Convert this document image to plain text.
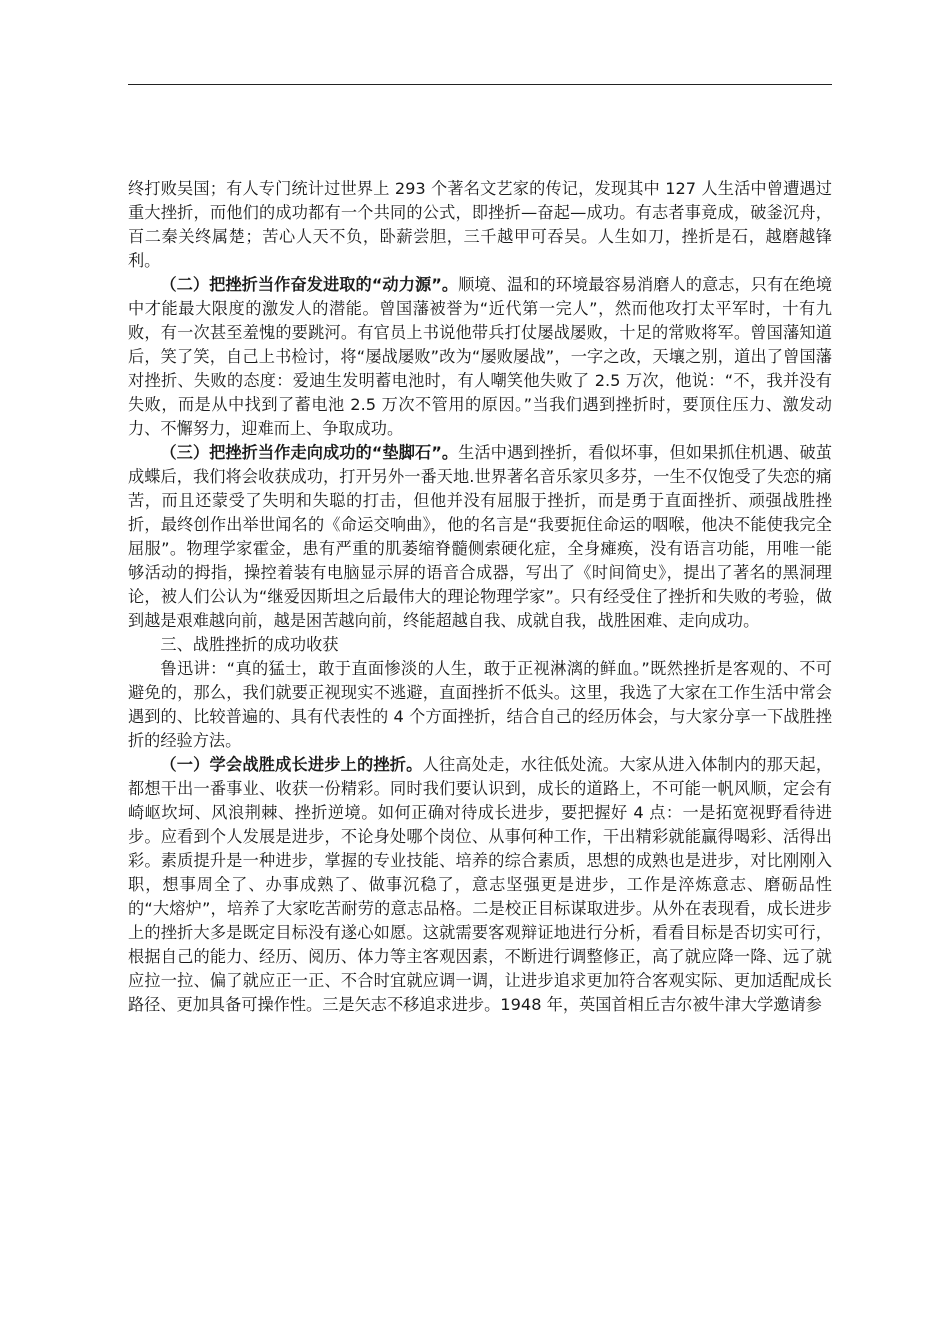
终打败吴国；有人专门统计过世界上 293 个著名文艺家的传记，发现其中 127 人生活中曾遭遇过重大挫折，而他们的成功都有一个共同的公式，即挫折—奋起—成功。有志者事竟成，破釜沉舟，百二秦关终属楚；苦心人天不负，卧薪尝胆，三千越甲可吞吴。人生如刀，挫折是石，越磨越锋利。

（二）把挫折当作奋发进取的“动力源”。顺境、温和的环境最容易消磨人的意志，只有在绝境中才能最大限度的激发人的潜能。曾国藩被誉为“近代第一完人”，然而他攻打太平军时，十有九败，有一次甚至羞愧的要跳河。有官员上书说他带兵打仗屡战屡败，十足的常败将军。曾国藩知道后，笑了笑，自己上书检讨，将“屡战屡败”改为“屡败屡战”，一字之改，天壤之别，道出了曾国藩对挫折、失败的态度：爱迪生发明蓄电池时，有人嘲笑他失败了 2.5 万次，他说：“不，我并没有失败，而是从中找到了蓄电池 2.5 万次不管用的原因。”当我们遇到挫折时，要顶住压力、激发动力、不懈努力，迎难而上、争取成功。

（三）把挫折当作走向成功的“垫脚石”。生活中遇到挫折，看似坏事，但如果抓住机遇、破茧成蝶后，我们将会收获成功，打开另外一番天地.世界著名音乐家贝多芬，一生不仅饱受了失恋的痛苦，而且还蒙受了失明和失聪的打击，但他并没有屈服于挫折，而是勇于直面挫折、顽强战胜挫折，最终创作出举世闻名的《命运交响曲》，他的名言是“我要扼住命运的咽喉，他决不能使我完全屈服”。物理学家霍金，患有严重的肌萎缩脊髓侧索硬化症，全身瘫痪，没有语言功能，用唯一能够活动的拇指，操控着装有电脑显示屏的语音合成器，写出了《时间简史》，提出了著名的黑洞理论，被人们公认为“继爱因斯坦之后最伟大的理论物理学家”。只有经受住了挫折和失败的考验，做到越是艰难越向前，越是困苦越向前，终能超越自我、成就自我，战胜困难、走向成功。

三、战胜挫折的成功收获

鲁迅讲：“真的猛士，敢于直面惨淡的人生，敢于正视淋漓的鲜血。”既然挫折是客观的、不可避免的，那么，我们就要正视现实不逃避，直面挫折不低头。这里，我选了大家在工作生活中常会遇到的、比较普遍的、具有代表性的 4 个方面挫折，结合自己的经历体会，与大家分享一下战胜挫折的经验方法。

（一）学会战胜成长进步上的挫折。人往高处走，水往低处流。大家从进入体制内的那天起，都想干出一番事业、收获一份精彩。同时我们要认识到，成长的道路上，不可能一帆风顺，定会有崎岖坎坷、风浪荆棘、挫折逆境。如何正确对待成长进步，要把握好 4 点：一是拓宽视野看待进步。应看到个人发展是进步，不论身处哪个岗位、从事何种工作，干出精彩就能赢得喝彩、活得出彩。素质提升是一种进步，掌握的专业技能、培养的综合素质，思想的成熟也是进步，对比刚刚入职，想事周全了、办事成熟了、做事沉稳了，意志坚强更是进步，工作是淬炼意志、磨砺品性的“大熔炉”，培养了大家吃苦耐劳的意志品格。二是校正目标谋取进步。从外在表现看，成长进步上的挫折大多是既定目标没有遂心如愿。这就需要客观辩证地进行分析，看看目标是否切实可行，根据自己的能力、经历、阅历、体力等主客观因素，不断进行调整修正，高了就应降一降、远了就应拉一拉、偏了就应正一正、不合时宜就应调一调，让进步追求更加符合客观实际、更加适配成长路径、更加具备可操作性。三是矢志不移追求进步。1948 年，英国首相丘吉尔被牛津大学邀请参
